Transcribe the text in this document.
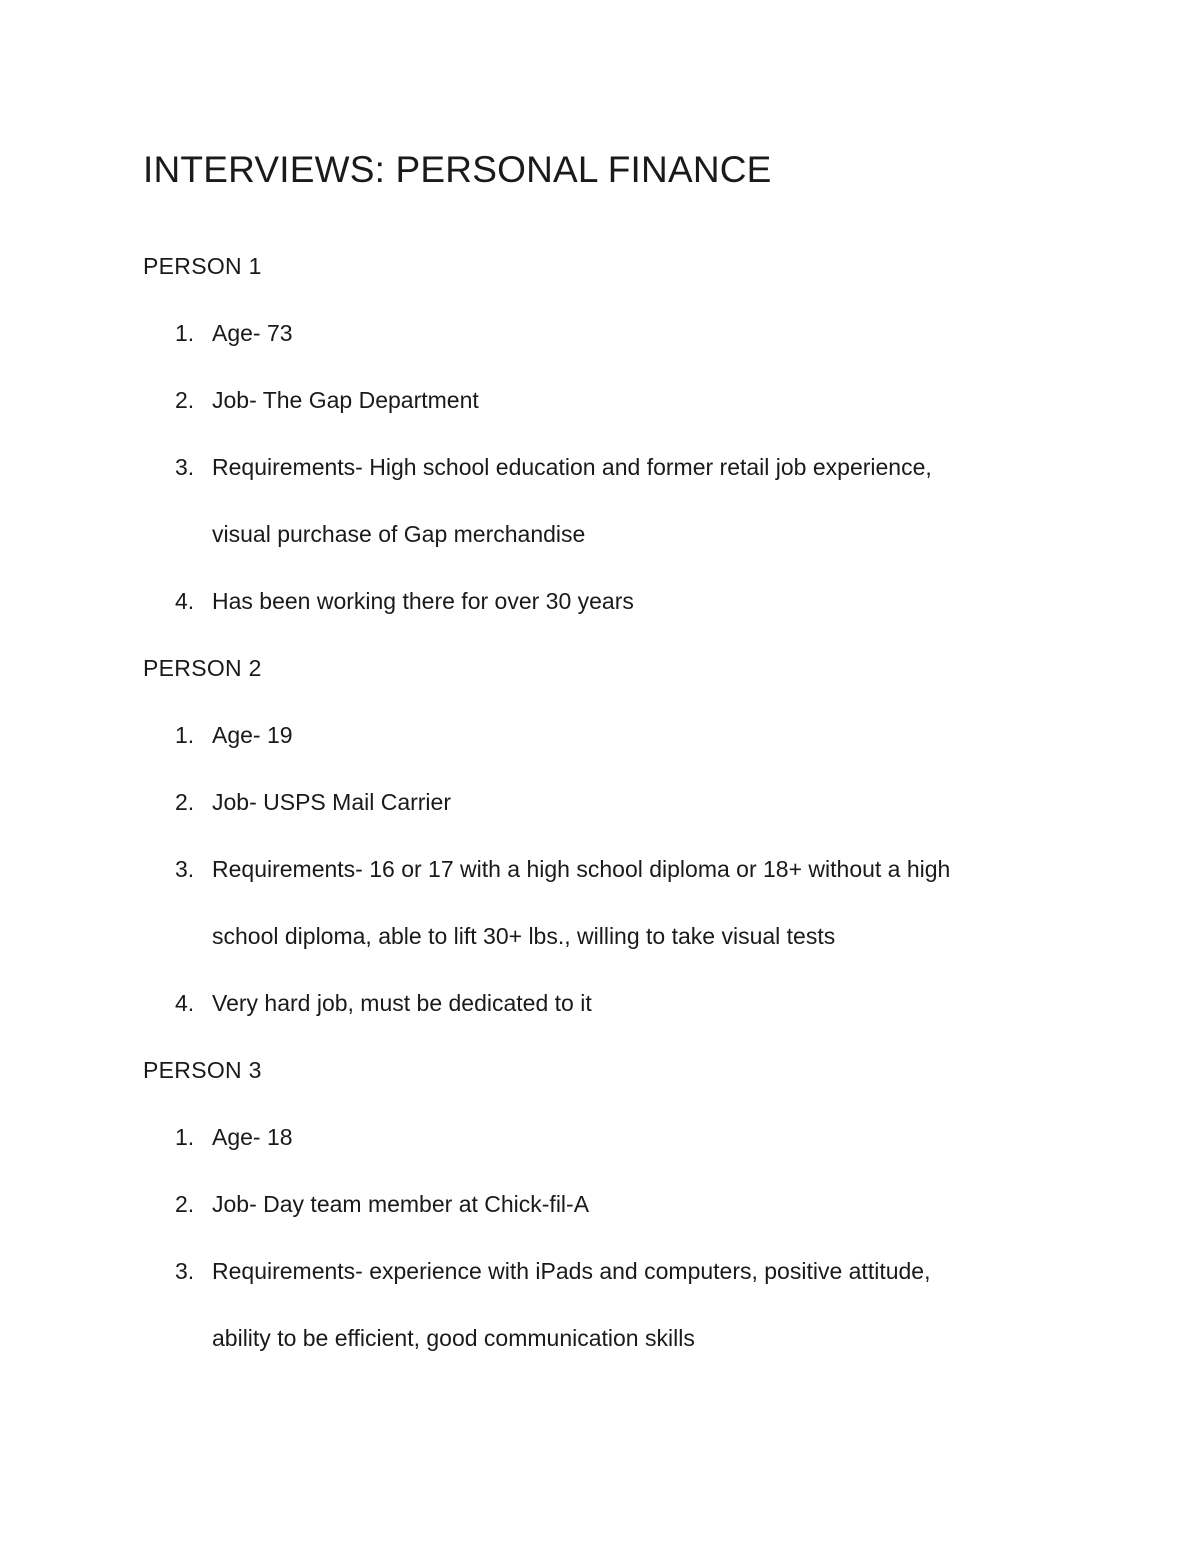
INTERVIEWS: PERSONAL FINANCE
PERSON 1
1. Age- 73
2. Job- The Gap Department
3. Requirements- High school education and former retail job experience,
visual purchase of Gap merchandise
4. Has been working there for over 30 years
PERSON 2
1. Age- 19
2. Job- USPS Mail Carrier
3. Requirements- 16 or 17 with a high school diploma or 18+ without a high
school diploma, able to lift 30+ lbs., willing to take visual tests
4. Very hard job, must be dedicated to it
PERSON 3
1. Age- 18
2. Job- Day team member at Chick-fil-A
3. Requirements- experience with iPads and computers, positive attitude,
ability to be efficient, good communication skills
